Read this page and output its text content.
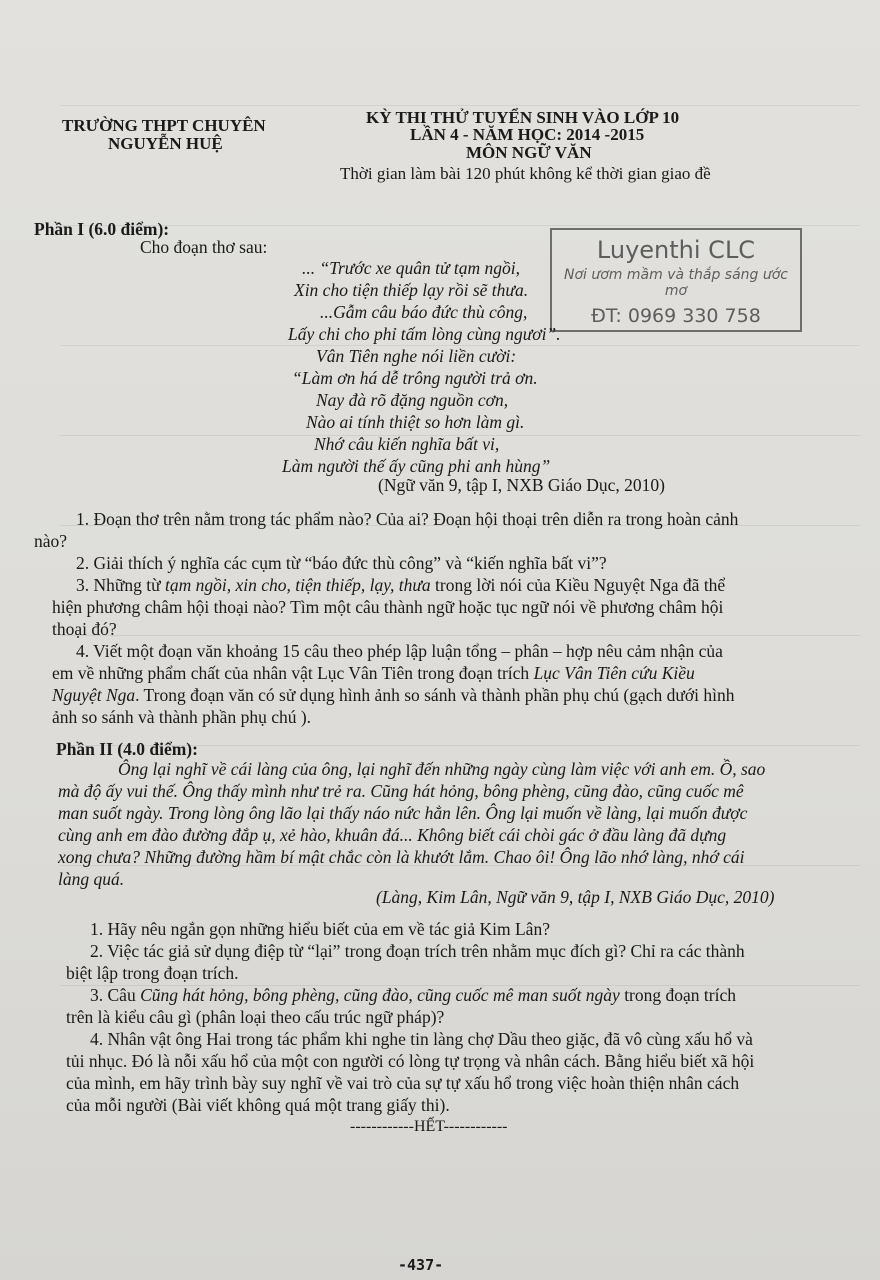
TRƯỜNG THPT CHUYÊN
NGUYỄN HUỆ
KỲ THI THỬ TUYỂN SINH VÀO LỚP 10
LẦN 4 - NĂM HỌC: 2014 -2015
MÔN NGỮ VĂN
Thời gian làm bài 120 phút không kể thời gian giao đề
Luyenthi CLC
Nơi ươm mầm và thắp sáng ước mơ
ĐT: 0969 330 758
Phần I (6.0 điểm):
Cho đoạn thơ sau:
... “Trước xe quân tử tạm ngồi,
Xin cho tiện thiếp lạy rồi sẽ thưa.
...Gẫm câu báo đức thù công,
Lấy chi cho phỉ tấm lòng cùng ngươi”.
Vân Tiên nghe nói liền cười:
“Làm ơn há dễ trông người trả ơn.
Nay đà rõ đặng nguồn cơn,
Nào ai tính thiệt so hơn làm gì.
Nhớ câu kiến nghĩa bất vi,
Làm người thế ấy cũng phi anh hùng”
(Ngữ văn 9, tập I, NXB Giáo Dục, 2010)
1. Đoạn thơ trên nằm trong tác phẩm nào? Của ai? Đoạn hội thoại trên diễn ra trong hoàn cảnh
nào?
2. Giải thích ý nghĩa các cụm từ “báo đức thù công” và “kiến nghĩa bất vi”?
3. Những từ tạm ngồi, xin cho, tiện thiếp, lạy, thưa trong lời nói của Kiều Nguyệt Nga đã thể
hiện phương châm hội thoại nào? Tìm một câu thành ngữ hoặc tục ngữ nói về phương châm hội
thoại đó?
4. Viết một đoạn văn khoảng 15 câu theo phép lập luận tổng – phân – hợp nêu cảm nhận của
em về những phẩm chất của nhân vật Lục Vân Tiên trong đoạn trích Lục Vân Tiên cứu Kiều
Nguyệt Nga. Trong đoạn văn có sử dụng hình ảnh so sánh và thành phần phụ chú (gạch dưới hình
ảnh so sánh và thành phần phụ chú ).
Phần II (4.0 điểm):
Ông lại nghĩ về cái làng của ông, lại nghĩ đến những ngày cùng làm việc với anh em. Ồ, sao
mà độ ấy vui thế. Ông thấy mình như trẻ ra. Cũng hát hỏng, bông phèng, cũng đào, cũng cuốc mê
man suốt ngày. Trong lòng ông lão lại thấy náo nức hẳn lên. Ông lại muốn về làng, lại muốn được
cùng anh em đào đường đắp ụ, xẻ hào, khuân đá... Không biết cái chòi gác ở đầu làng đã dựng
xong chưa? Những đường hầm bí mật chắc còn là khướt lắm. Chao ôi! Ông lão nhớ làng, nhớ cái
làng quá.
(Làng, Kim Lân, Ngữ văn 9, tập I, NXB Giáo Dục, 2010)
1. Hãy nêu ngắn gọn những hiểu biết của em về tác giả Kim Lân?
2. Việc tác giả sử dụng điệp từ “lại” trong đoạn trích trên nhằm mục đích gì? Chỉ ra các thành
biệt lập trong đoạn trích.
3. Câu Cũng hát hỏng, bông phèng, cũng đào, cũng cuốc mê man suốt ngày trong đoạn trích
trên là kiểu câu gì (phân loại theo cấu trúc ngữ pháp)?
4. Nhân vật ông Hai trong tác phẩm khi nghe tin làng chợ Dầu theo giặc, đã vô cùng xấu hổ và
tủi nhục. Đó là nỗi xấu hổ của một con người có lòng tự trọng và nhân cách. Bằng hiểu biết xã hội
của mình, em hãy trình bày suy nghĩ về vai trò của sự tự xấu hổ trong việc hoàn thiện nhân cách
của mỗi người (Bài viết không quá một trang giấy thi).
------------HẾT------------
-437-
